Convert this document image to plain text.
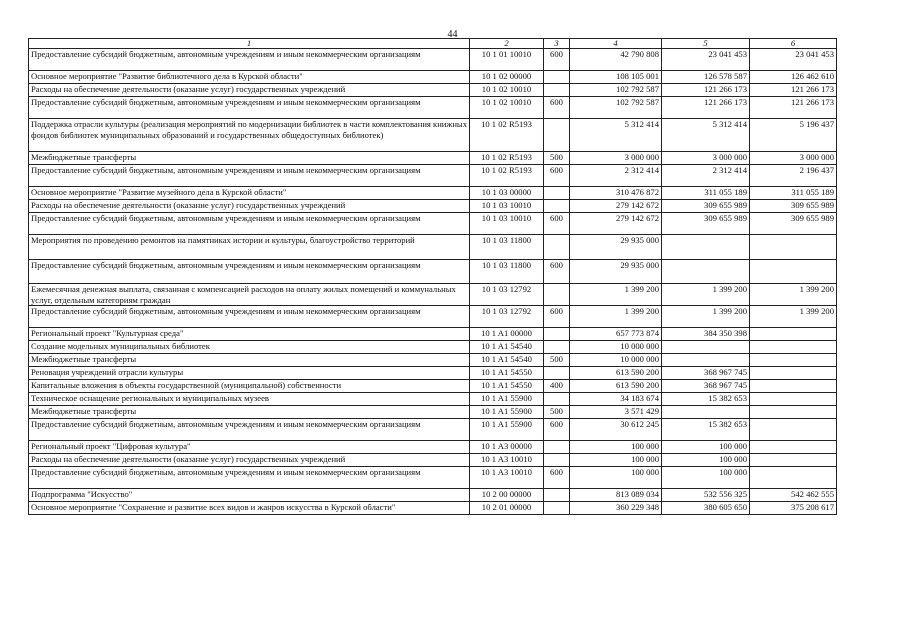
44
1	2	3	4	5	6
Предоставление субсидий бюджетным, автономным учреждениям и иным некоммерческим организациям	10 1 01 10010	600	42 790 808	23 041 453	23 041 453
Основное мероприятие "Развитие библиотечного дела в Курской области"	10 1 02 00000		108 105 001	126 578 587	126 462 610
Расходы на обеспечение деятельности (оказание услуг) государственных учреждений	10 1 02 10010		102 792 587	121 266 173	121 266 173
Предоставление субсидий бюджетным, автономным учреждениям и иным некоммерческим организациям	10 1 02 10010	600	102 792 587	121 266 173	121 266 173
Поддержка отрасли культуры (реализация мероприятий по модернизации библиотек в части комплектования книжных фондов библиотек муниципальных образований и государственных общедоступных библиотек)	10 1 02 R5193		5 312 414	5 312 414	5 196 437
Межбюджетные трансферты	10 1 02 R5193	500	3 000 000	3 000 000	3 000 000
Предоставление субсидий бюджетным, автономным учреждениям и иным некоммерческим организациям	10 1 02 R5193	600	2 312 414	2 312 414	2 196 437
Основное мероприятие "Развитие музейного дела в Курской области"	10 1 03 00000		310 476 872	311 055 189	311 055 189
Расходы на обеспечение деятельности (оказание услуг) государственных учреждений	10 1 03 10010		279 142 672	309 655 989	309 655 989
Предоставление субсидий бюджетным, автономным учреждениям и иным некоммерческим организациям	10 1 03 10010	600	279 142 672	309 655 989	309 655 989
Мероприятия по проведению ремонтов на памятниках истории и культуры, благоустройство территорий	10 1 03 11800		29 935 000		
Предоставление субсидий бюджетным, автономным учреждениям и иным некоммерческим организациям	10 1 03 11800	600	29 935 000		
Ежемесячная денежная выплата, связанная с компенсацией расходов на оплату жилых помещений и коммунальных услуг, отдельным категориям граждан	10 1 03 12792		1 399 200	1 399 200	1 399 200
Предоставление субсидий бюджетным, автономным учреждениям и иным некоммерческим организациям	10 1 03 12792	600	1 399 200	1 399 200	1 399 200
Региональный проект "Культурная среда"	10 1 A1 00000		657 773 874	384 350 398	
Создание модельных муниципальных библиотек	10 1 A1 54540		10 000 000		
Межбюджетные трансферты	10 1 A1 54540	500	10 000 000		
Реновация учреждений отрасли культуры	10 1 A1 54550		613 590 200	368 967 745	
Капитальные вложения в объекты государственной (муниципальной) собственности	10 1 A1 54550	400	613 590 200	368 967 745	
Техническое оснащение региональных и муниципальных музеев	10 1 A1 55900		34 183 674	15 382 653	
Межбюджетные трансферты	10 1 A1 55900	500	3 571 429		
Предоставление субсидий бюджетным, автономным учреждениям и иным некоммерческим организациям	10 1 A1 55900	600	30 612 245	15 382 653	
Региональный проект "Цифровая культура"	10 1 A3 00000		100 000	100 000	
Расходы на обеспечение деятельности (оказание услуг) государственных учреждений	10 1 A3 10010		100 000	100 000	
Предоставление субсидий бюджетным, автономным учреждениям и иным некоммерческим организациям	10 1 A3 10010	600	100 000	100 000	
Подпрограмма "Искусство"	10 2 00 00000		813 089 034	532 556 325	542 462 555
Основное мероприятие "Сохранение и развитие всех видов и жанров искусства в Курской области"	10 2 01 00000		360 229 348	380 605 650	375 208 617
